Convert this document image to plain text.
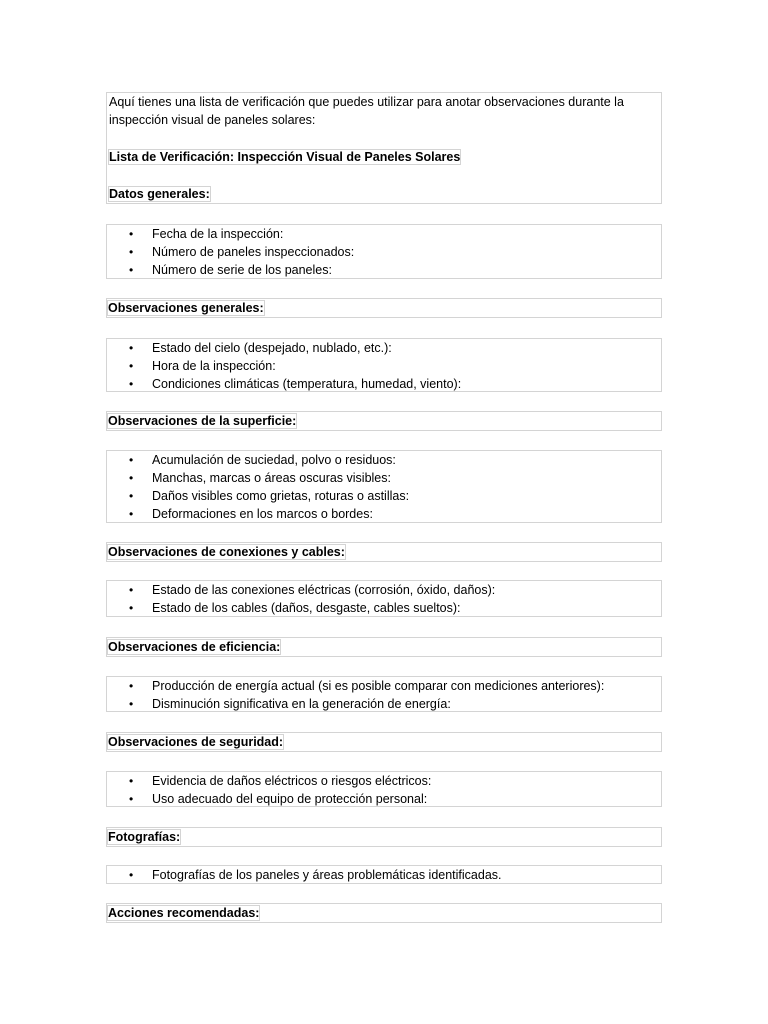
Aquí tienes una lista de verificación que puedes utilizar para anotar observaciones durante la inspección visual de paneles solares:

Lista de Verificación: Inspección Visual de Paneles Solares

Datos generales:

• Fecha de la inspección:
• Número de paneles inspeccionados:
• Número de serie de los paneles:
Observaciones generales:
• Estado del cielo (despejado, nublado, etc.):
• Hora de la inspección:
• Condiciones climáticas (temperatura, humedad, viento):
Observaciones de la superficie:
• Acumulación de suciedad, polvo o residuos:
• Manchas, marcas o áreas oscuras visibles:
• Daños visibles como grietas, roturas o astillas:
• Deformaciones en los marcos o bordes:
Observaciones de conexiones y cables:
• Estado de las conexiones eléctricas (corrosión, óxido, daños):
• Estado de los cables (daños, desgaste, cables sueltos):
Observaciones de eficiencia:
• Producción de energía actual (si es posible comparar con mediciones anteriores):
• Disminución significativa en la generación de energía:
Observaciones de seguridad:
• Evidencia de daños eléctricos o riesgos eléctricos:
• Uso adecuado del equipo de protección personal:
Fotografías:
• Fotografías de los paneles y áreas problemáticas identificadas.
Acciones recomendadas:
